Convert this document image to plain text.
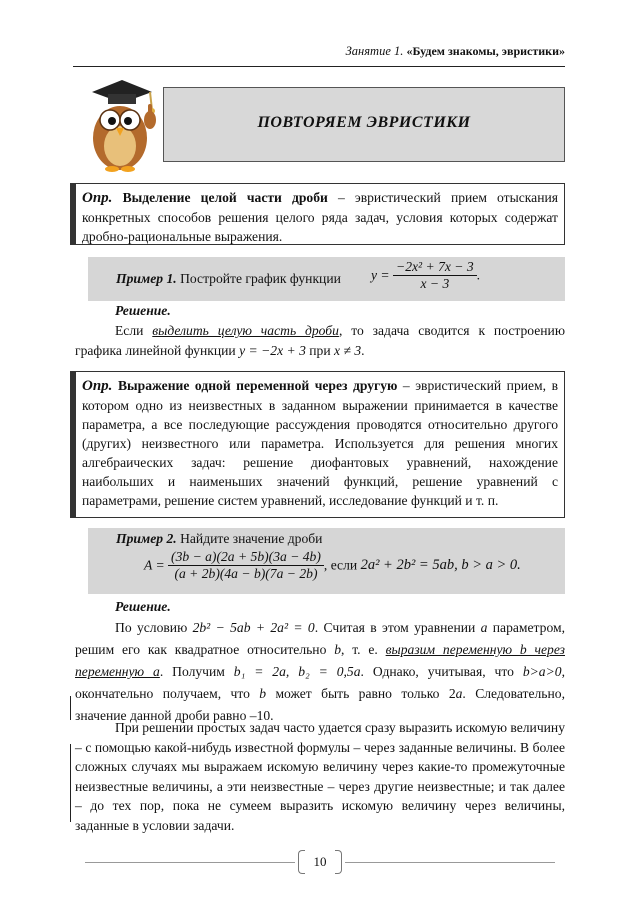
Занятие 1. «Будем знакомы, эвристики»
ПОВТОРЯЕМ ЭВРИСТИКИ
Опр. Выделение целой части дроби – эвристический прием отыскания конкретных способов решения целого ряда задач, условия которых содержат дробно-рациональные выражения.
Пример 1. Постройте график функции $y = \frac{\text{−2x² + 7x − 3}}{x - 3}$ .
Решение.
Если выделить целую часть дроби, то задача сводится к построению графика линейной функции y = −2x + 3 при x ≠ 3.
Опр. Выражение одной переменной через другую – эвристический прием, в котором одно из неизвестных в заданном выражении принимается в качестве параметра, а все последующие рассуждения проводятся относительно другого (других) неизвестного или параметра. Используется для решения многих алгебраических задач: решение диофантовых уравнений, нахождение наибольших и наименьших значений функций, решение уравнений с параметрами, решение систем уравнений, исследование функций и т. п.
Пример 2. Найдите значение дроби
$A = \frac{(3b - a)(2a + 5b)(3a - 4b)}{(a + 2b)(4a - b)(7a - 2b)}$ , если 2a² + 2b² = 5ab, b > a > 0.
Решение.
По условию 2b² − 5ab + 2a² = 0. Считая в этом уравнении a параметром, решим его как квадратное относительно b, т. е. выразим переменную b через переменную a. Получим b₁ = 2a, b₂ = 0,5a. Однако, учитывая, что b>a>0, окончательно получаем, что b может быть равно только 2a. Следовательно, значение данной дроби равно –10.
При решении простых задач часто удается сразу выразить искомую величину – с помощью какой-нибудь известной формулы – через заданные величины. В более сложных случаях мы выражаем искомую величину через какие-то промежуточные неизвестные величины, а эти неизвестные – через другие неизвестные; и так далее – до тех пор, пока не сумеем выразить искомую величину через величины, заданные в условии задачи.
10
